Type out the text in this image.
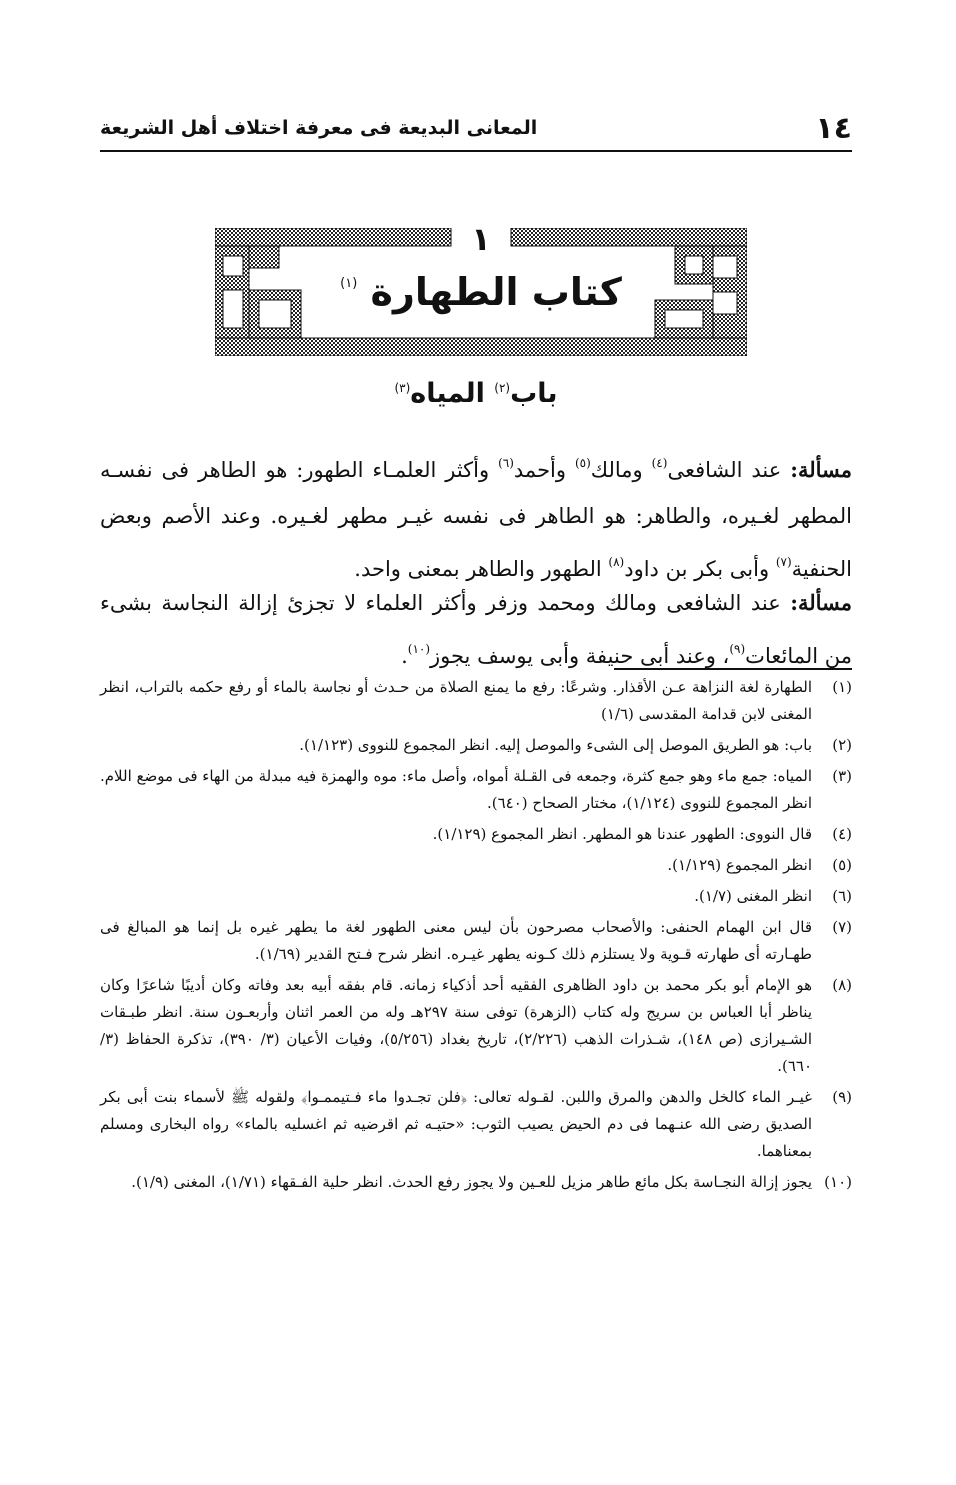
١٤
المعانى البديعة فى معرفة اختلاف أهل الشريعة
١
كتاب الطهارة $^{(١)}$
باب$^{(٢)}$ المياه$^{(٣)}$
مسألة: عند الشافعى$^{(٤)}$ ومالك$^{(٥)}$ وأحمد$^{(٦)}$ وأكثر العلمـاء الطهور: هو الطاهر فى نفسـه المطهر لغـيره، والطاهر: هو الطاهر فى نفسه غيـر مطهر لغـيره. وعند الأصم وبعض الحنفية$^{(٧)}$ وأبى بكر بن داود$^{(٨)}$ الطهور والطاهر بمعنى واحد.
مسألة: عند الشافعى ومالك ومحمد وزفر وأكثر العلماء لا تجزئ إزالة النجاسة بشىء من المائعات$^{(٩)}$، وعند أبى حنيفة وأبى يوسف يجوز$^{(١٠)}$.
(١)
الطهارة لغة النزاهة عـن الأقذار. وشرعًا: رفع ما يمنع الصلاة من حـدث أو نجاسة بالماء أو رفع حكمه بالتراب، انظر المغنى لابن قدامة المقدسى (١/٦)
(٢)
باب: هو الطريق الموصل إلى الشىء والموصل إليه. انظر المجموع للنووى (١/١٢٣).
(٣)
المياه: جمع ماء وهو جمع كثرة، وجمعه فى القـلة أمواه، وأصل ماء: موه والهمزة فيه مبدلة من الهاء فى موضع اللام. انظر المجموع للنووى (١/١٢٤)، مختار الصحاح (٦٤٠).
(٤)
قال النووى: الطهور عندنا هو المطهر. انظر المجموع (١/١٢٩).
(٥)
انظر المجموع (١/١٢٩).
(٦)
انظر المغنى (١/٧).
(٧)
قال ابن الهمام الحنفى: والأصحاب مصرحون بأن ليس معنى الطهور لغة ما يطهر غيره بل إنما هو المبالغ فى طهـارته أى طهارته قـوية ولا يستلزم ذلك كـونه يطهر غيـره. انظر شرح فـتح القدير (١/٦٩).
(٨)
هو الإمام أبو بكر محمد بن داود الظاهرى الفقيه أحد أذكياء زمانه. قام بفقه أبيه بعد وفاته وكان أديبًا شاعرًا وكان يناظر أبا العباس بن سريج وله كتاب (الزهرة) توفى سنة ٢٩٧هـ وله من العمر اثنان وأربعـون سنة. انظر طبـقات الشـيرازى (ص ١٤٨)، شـذرات الذهب (٢/٢٢٦)، تاريخ بغداد (٥/٢٥٦)، وفيات الأعيان (٣/ ٣٩٠)، تذكرة الحفاظ (٣/ ٦٦٠).
(٩)
غيـر الماء كالخل والدهن والمرق واللبن. لقـوله تعالى: ﴿فلن تجـدوا ماء فـتيممـوا﴾ ولقوله ﷺ لأسماء بنت أبى بكر الصديق رضى الله عنـهما فى دم الحيض يصيب الثوب: «حتيـه ثم اقرضيه ثم اغسليه بالماء» رواه البخارى ومسلم بمعناهما.
(١٠)
يجوز إزالة النجـاسة بكل مائع طاهر مزيل للعـين ولا يجوز رفع الحدث. انظر حلية الفـقهاء (١/٧١)، المغنى (١/٩).
